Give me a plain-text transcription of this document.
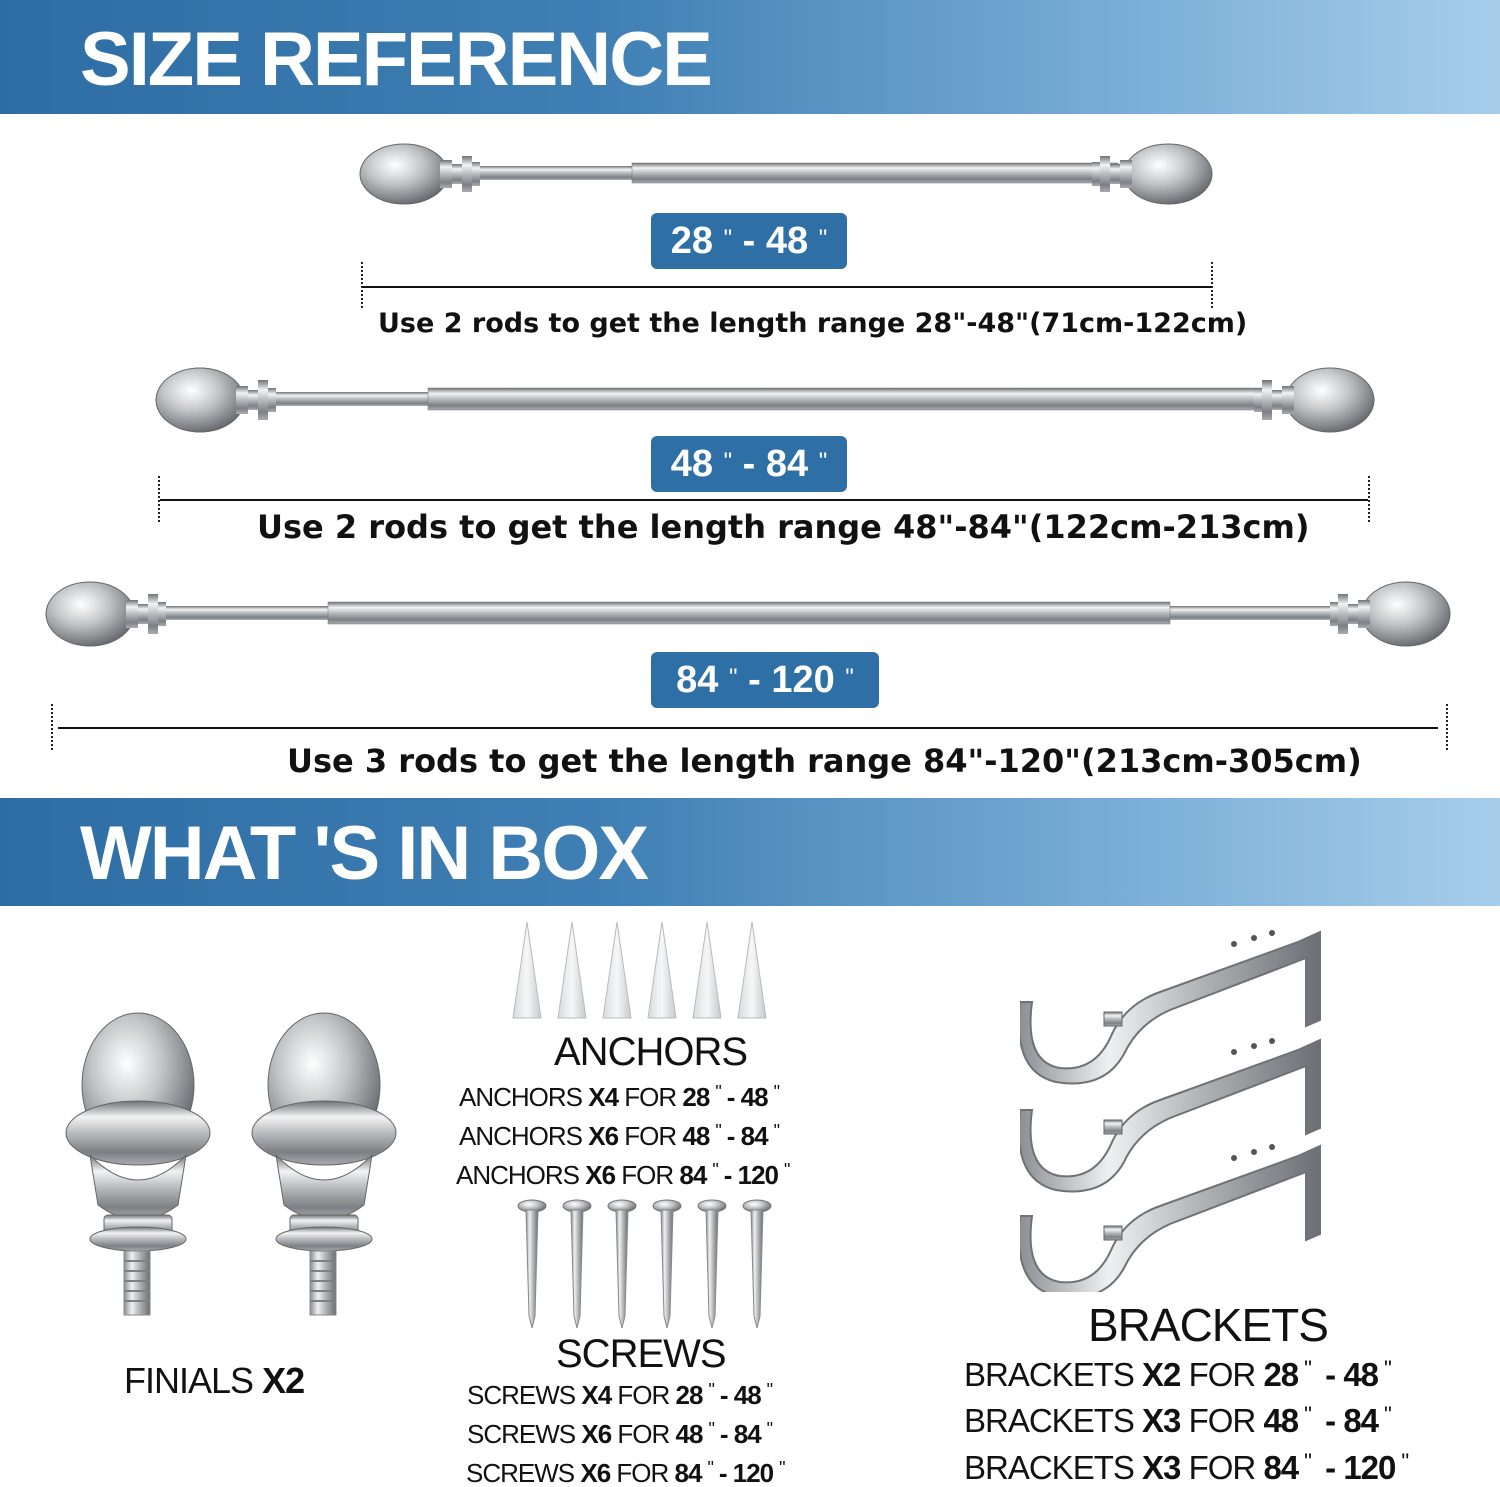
SIZE REFERENCE
28 " - 48 "
Use 2 rods to get the length range 28"-48"(71cm-122cm)
48 " - 84 "
Use 2 rods to get the length range 48"-84"(122cm-213cm)
84 " - 120 "
Use 3 rods to get the length range 84"-120"(213cm-305cm)
WHAT 'S IN BOX
FINIALS X2
ANCHORS
ANCHORS X4 FOR 28 " - 48 "
ANCHORS X6 FOR 48 " - 84 "
ANCHORS X6 FOR 84 " - 120 "
SCREWS
SCREWS X4 FOR 28 " - 48 "
SCREWS X6 FOR 48 " - 84 "
SCREWS X6 FOR 84 " - 120 "
BRACKETS
BRACKETS X2 FOR 28 " - 48 "
BRACKETS X3 FOR 48 " - 84 "
BRACKETS X3 FOR 84 " - 120 "
